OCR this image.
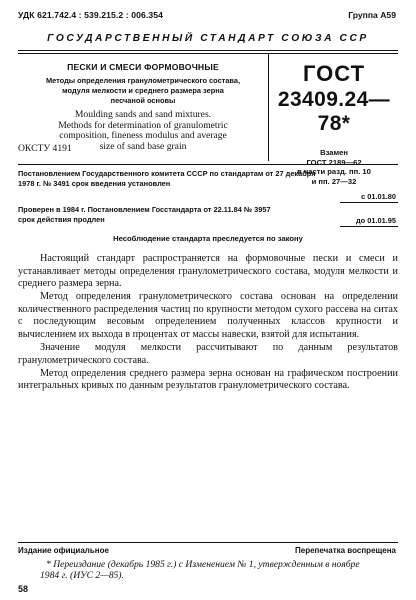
УДК 621.742.4 : 539.215.2 : 006.354	Группа А59
ГОСУДАРСТВЕННЫЙ СТАНДАРТ СОЮЗА ССР
ПЕСКИ И СМЕСИ ФОРМОВОЧНЫЕ
Методы определения гранулометрического состава,
модуля мелкости и среднего размера зерна
песчаной основы
Moulding sands and sand mixtures.
Methods for determination of granulometric
composition, fineness modulus and average
size of sand base grain
ОКСТУ 4191
ГОСТ
23409.24—78*
Взамен
ГОСТ 2189—62
в части разд. пп. 10
и пп. 27—32
Постановлением Государственного комитета СССР по стандартам от 27 декабря
1978 г. № 3491 срок введения установлен
с 01.01.80
Проверен в 1984 г. Постановлением Госстандарта от 22.11.84 № 3957
срок действия продлен	до 01.01.95
Несоблюдение стандарта преследуется по закону

Настоящий стандарт распространяется на формовочные пески и смеси и устанавливает методы определения гранулометрического состава, модуля мелкости и среднего размера зерна.

Метод определения гранулометрического состава основан на определении количественного распределения частиц по крупности методом сухого рассева на ситах с последующим весовым определением полученных классов крупности и вычислением их выхода в процентах от массы навески, взятой для испытания.

Значение модуля мелкости рассчитывают по данным результатов гранулометрического состава.

Метод определения среднего размера зерна основан на графическом построении интегральных кривых по данным результатов гранулометрического состава.

Издание официальное	Перепечатка воспрещена
* Переиздание (декабрь 1985 г.) с Изменением № 1, утвержденным в ноябре 1984 г. (ИУС 2—85).
58
